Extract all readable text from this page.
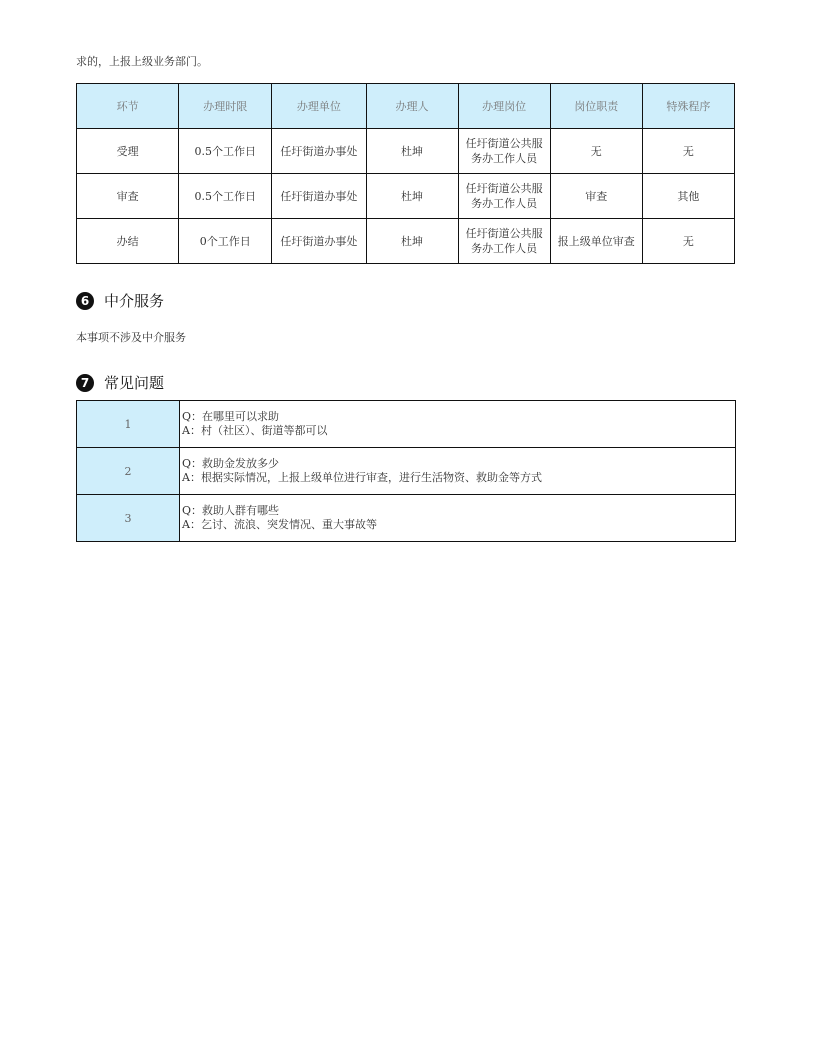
求的，上报上级业务部门。
环节	办理时限	办理单位	办理人	办理岗位	岗位职责	特殊程序
受理	0.5个工作日	任圩街道办事处	杜坤	任圩街道公共服务办工作人员	无	无
审查	0.5个工作日	任圩街道办事处	杜坤	任圩街道公共服务办工作人员	审查	其他
办结	0个工作日	任圩街道办事处	杜坤	任圩街道公共服务办工作人员	报上级单位审查	无
6 中介服务
本事项不涉及中介服务
7 常见问题
1	Q：在哪里可以求助
A：村（社区）、街道等都可以

2	Q：救助金发放多少
A：根据实际情况，上报上级单位进行审查，进行生活物资、救助金等方式

3	Q：救助人群有哪些
A：乞讨、流浪、突发情况、重大事故等
